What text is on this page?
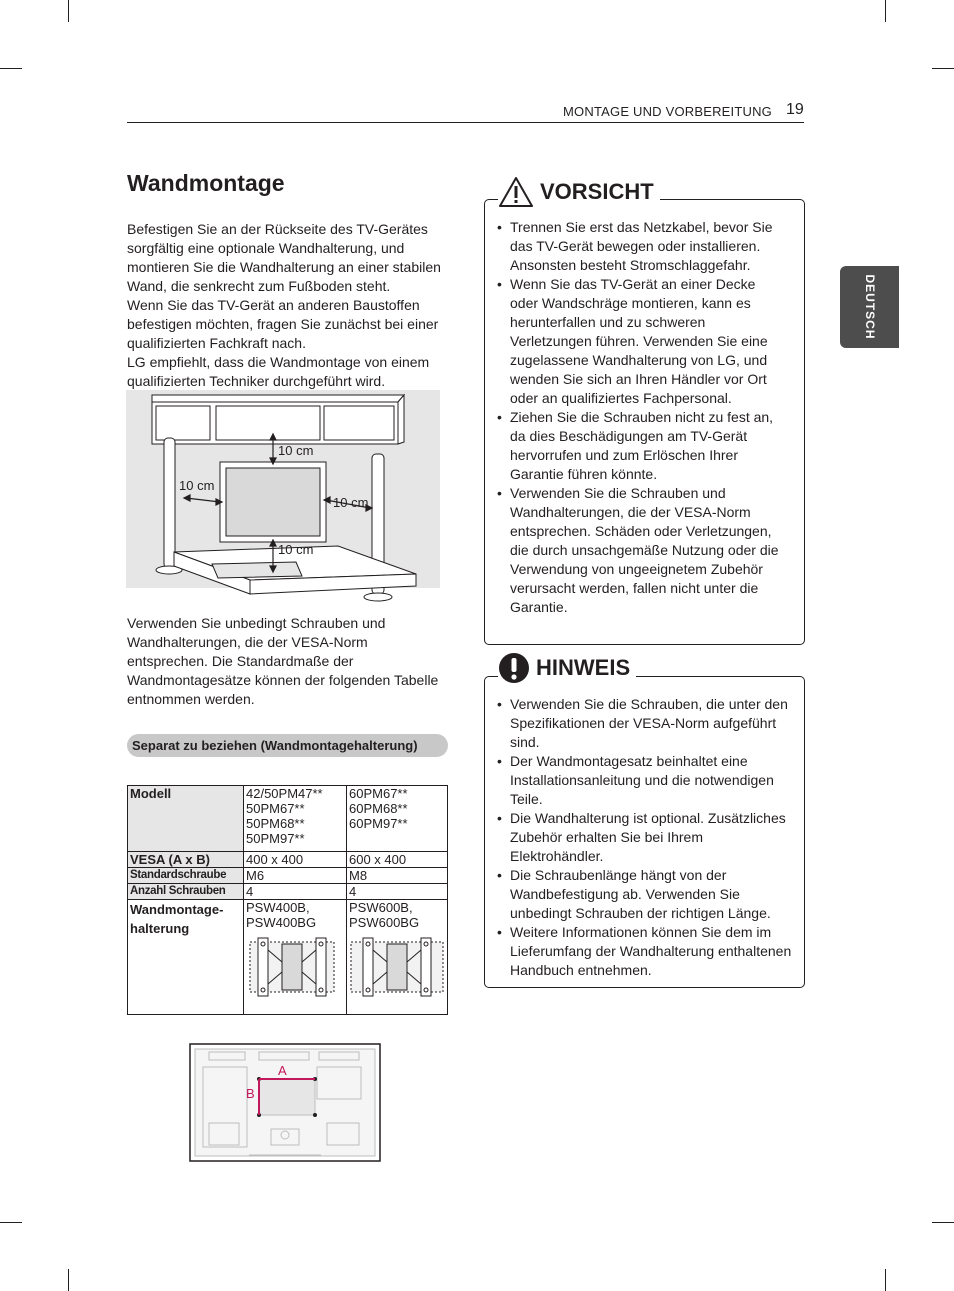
MONTAGE UND VORBEREITUNG 19
DEUTSCH
Wandmontage

Befestigen Sie an der Rückseite des TV-Gerätes sorgfältig eine optionale Wandhalterung, und montieren Sie die Wandhalterung an einer stabilen Wand, die senkrecht zum Fußboden steht.

Wenn Sie das TV-Gerät an anderen Baustoffen befestigen möchten, fragen Sie zunächst bei einer qualifizierten Fachkraft nach.

LG empfiehlt, dass die Wandmontage von einem qualifizierten Techniker durchgeführt wird.

10 cm
10 cm
10 cm
10 cm

Verwenden Sie unbedingt Schrauben und Wandhalterungen, die der VESA-Norm entsprechen. Die Standardmaße der Wandmontagesätze können der folgenden Tabelle entnommen werden.

Separat zu beziehen (Wandmontagehalterung)
Modell	42/50PM47** 50PM67** 50PM68** 50PM97**	60PM67** 60PM68** 60PM97**
VESA (A x B)	400 x 400	600 x 400
Standardschraube	M6	M8
Anzahl Schrauben	4	4
Wandmontage-halterung	PSW400B, PSW400BG	PSW600B, PSW600BG
A
B
VORSICHT
• Trennen Sie erst das Netzkabel, bevor Sie das TV-Gerät bewegen oder installieren. Ansonsten besteht Stromschlaggefahr.
• Wenn Sie das TV-Gerät an einer Decke oder Wandschräge montieren, kann es herunterfallen und zu schweren Verletzungen führen. Verwenden Sie eine zugelassene Wandhalterung von LG, und wenden Sie sich an Ihren Händler vor Ort oder an qualifiziertes Fachpersonal.
• Ziehen Sie die Schrauben nicht zu fest an, da dies Beschädigungen am TV-Gerät hervorrufen und zum Erlöschen Ihrer Garantie führen könnte.
• Verwenden Sie die Schrauben und Wandhalterungen, die der VESA-Norm entsprechen. Schäden oder Verletzungen, die durch unsachgemäße Nutzung oder die Verwendung von ungeeignetem Zubehör verursacht werden, fallen nicht unter die Garantie.
HINWEIS
• Verwenden Sie die Schrauben, die unter den Spezifikationen der VESA-Norm aufgeführt sind.
• Der Wandmontagesatz beinhaltet eine Installationsanleitung und die notwendigen Teile.
• Die Wandhalterung ist optional. Zusätzliches Zubehör erhalten Sie bei Ihrem Elektrohändler.
• Die Schraubenlänge hängt von der Wandbefestigung ab. Verwenden Sie unbedingt Schrauben der richtigen Länge.
• Weitere Informationen können Sie dem im Lieferumfang der Wandhalterung enthaltenen Handbuch entnehmen.
